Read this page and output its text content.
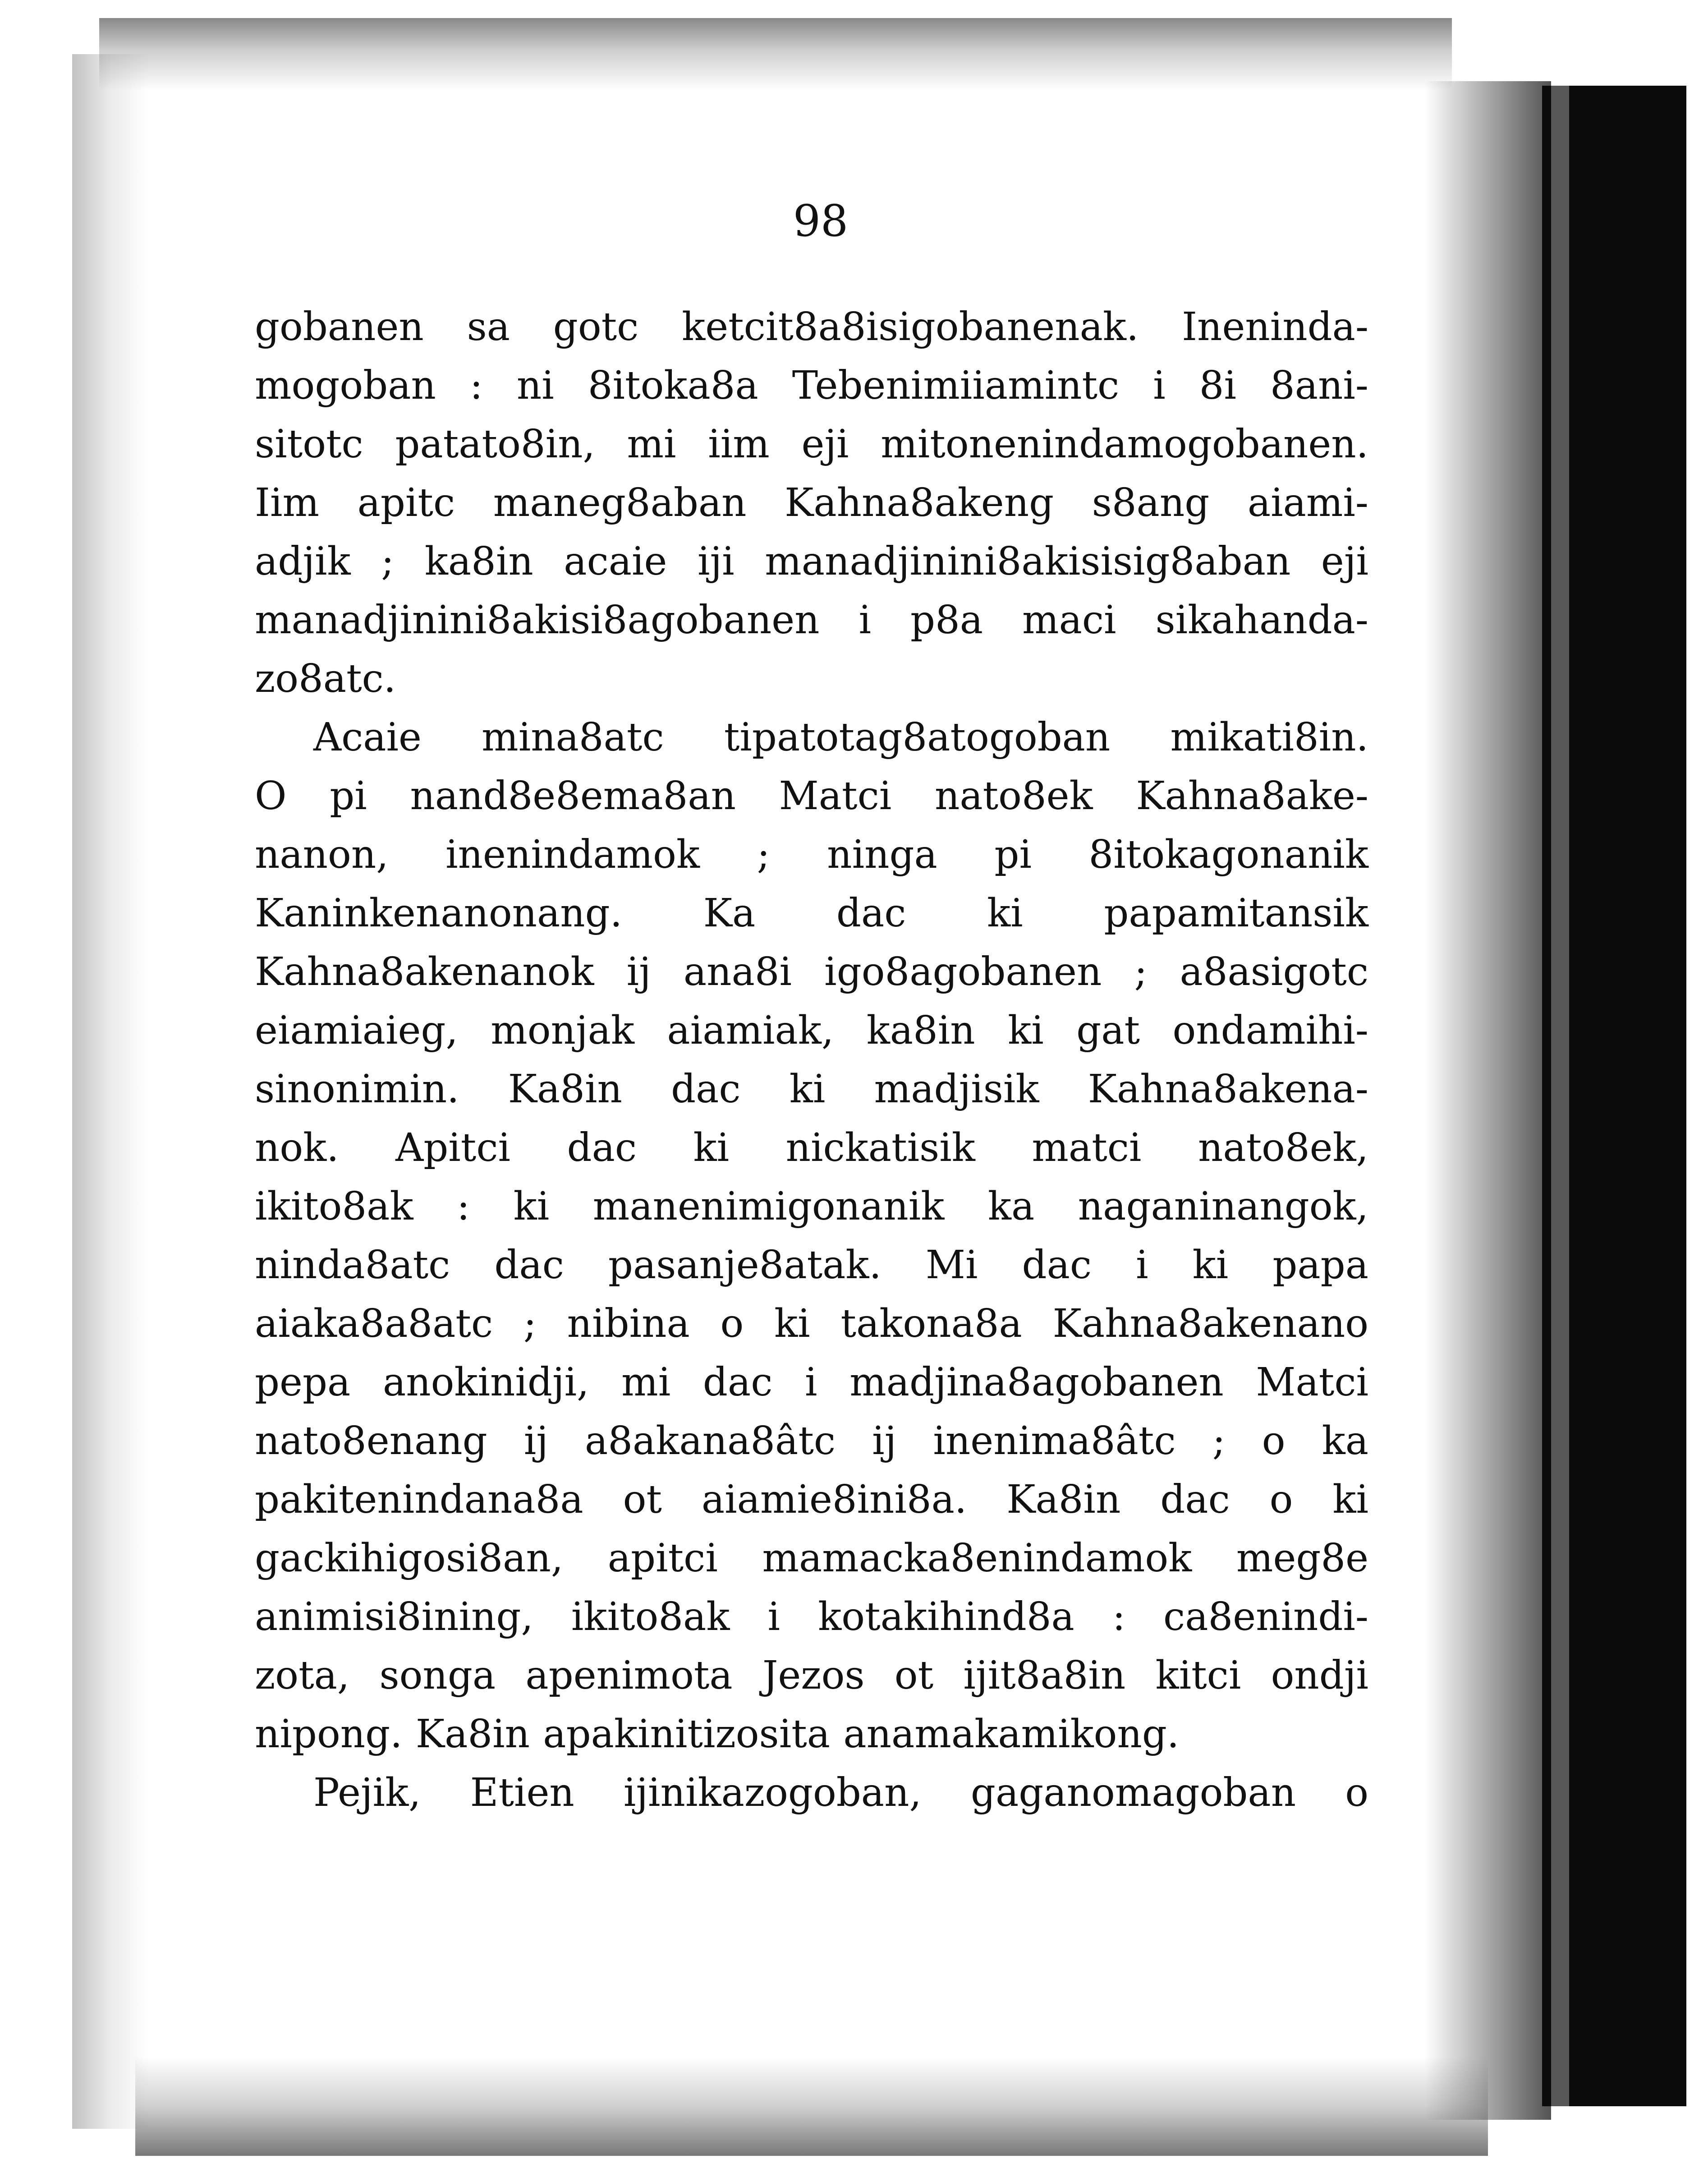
98

gobanen sa gotc ketcit8a8isigobanenak. Ineninda-

mogoban : ni 8itoka8a Tebenimiiamintc i 8i 8ani-

sitotc patato8in, mi iim eji mitonenindamogobanen.

Iim apitc maneg8aban Kahna8akeng s8ang aiami-

adjik ; ka8in acaie iji manadjinini8akisisig8aban eji

manadjinini8akisi8agobanen i p8a maci sikahanda-

zo8atc.

Acaie mina8atc tipatotag8atogoban mikati8in.

O pi nand8e8ema8an Matci nato8ek Kahna8ake-

nanon, inenindamok ; ninga pi 8itokagonanik

Kaninkenanonang. Ka dac ki papamitansik

Kahna8akenanok ij ana8i igo8agobanen ; a8asigotc

eiamiaieg, monjak aiamiak, ka8in ki gat ondamihi-

sinonimin. Ka8in dac ki madjisik Kahna8akena-

nok. Apitci dac ki nickatisik matci nato8ek,

ikito8ak : ki manenimigonanik ka naganinangok,

ninda8atc dac pasanje8atak. Mi dac i ki papa

aiaka8a8atc ; nibina o ki takona8a Kahna8akenano

pepa anokinidji, mi dac i madjina8agobanen Matci

nato8enang ij a8akana8âtc ij inenima8âtc ; o ka

pakitenindana8a ot aiamie8ini8a. Ka8in dac o ki

gackihigosi8an, apitci mamacka8enindamok meg8e

animisi8ining, ikito8ak i kotakihind8a : ca8enindi-

zota, songa apenimota Jezos ot ijit8a8in kitci ondji

nipong. Ka8in apakinitizosita anamakamikong.

Pejik, Etien ijinikazogoban, gaganomagoban o
